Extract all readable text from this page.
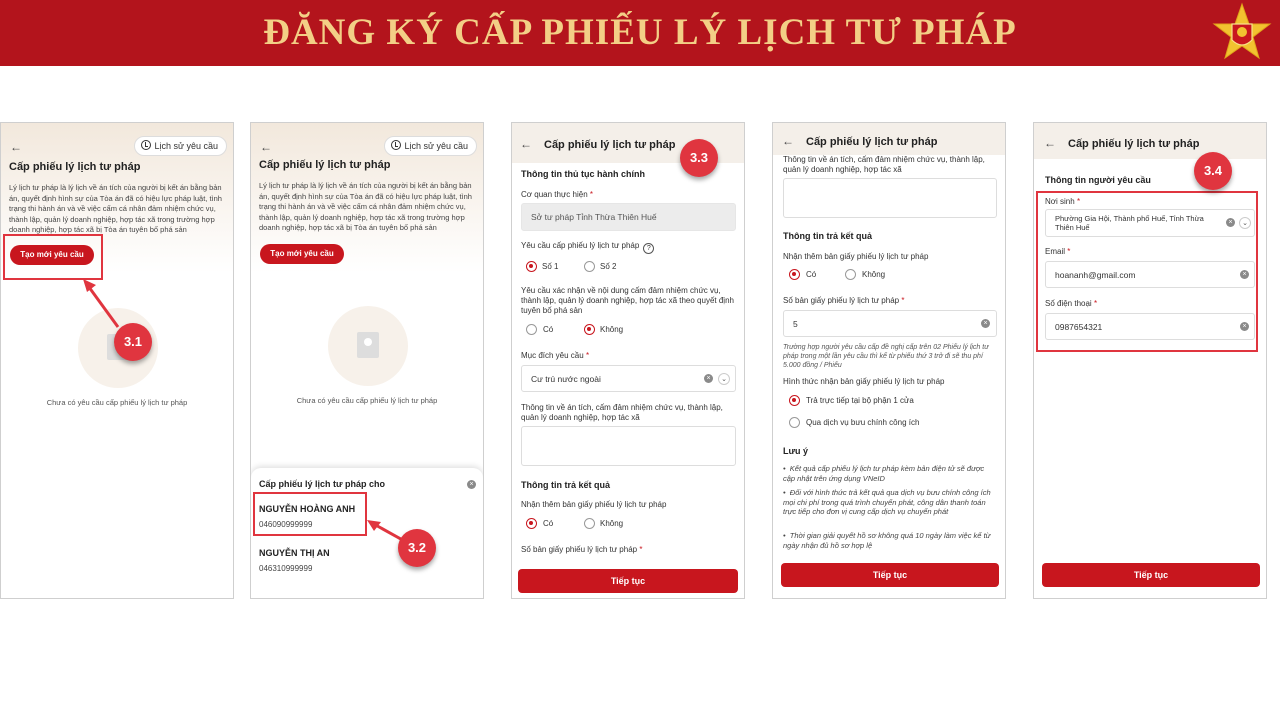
ĐĂNG KÝ CẤP PHIẾU LÝ LỊCH TƯ PHÁP
←	Lịch sử yêu cầu
Cấp phiếu lý lịch tư pháp
Lý lịch tư pháp là lý lịch về án tích của người bị kết án bằng bản án, quyết định hình sự của Tòa án đã có hiệu lực pháp luật, tình trạng thi hành án và về việc cấm cá nhân đảm nhiệm chức vụ, thành lập, quản lý doanh nghiệp, hợp tác xã trong trường hợp doanh nghiệp, hợp tác xã bị Tòa án tuyên bố phá sản
Tạo mới yêu cầu
Chưa có yêu cầu cấp phiếu lý lịch tư pháp
3.1
←	Lịch sử yêu cầu
Cấp phiếu lý lịch tư pháp
Lý lịch tư pháp là lý lịch về án tích của người bị kết án bằng bản án, quyết định hình sự của Tòa án đã có hiệu lực pháp luật, tình trạng thi hành án và về việc cấm cá nhân đảm nhiệm chức vụ, thành lập, quản lý doanh nghiệp, hợp tác xã trong trường hợp doanh nghiệp, hợp tác xã bị Tòa án tuyên bố phá sản
Tạo mới yêu cầu
Chưa có yêu cầu cấp phiếu lý lịch tư pháp
Cấp phiếu lý lịch tư pháp cho	×
NGUYỄN HOÀNG ANH
046090999999
NGUYỄN THỊ AN
046310999999
3.2
← Cấp phiếu lý lịch tư pháp
Thông tin thủ tục hành chính
Cơ quan thực hiện *
Sở tư pháp Tỉnh Thừa Thiên Huế
Yêu cầu cấp phiếu lý lịch tư pháp ?
Số 1	Số 2
Yêu cầu xác nhận về nội dung cấm đảm nhiệm chức vụ, thành lập, quản lý doanh nghiệp, hợp tác xã theo quyết định tuyên bố phá sản
Có	Không
Mục đích yêu cầu *
Cư trú nước ngoài	×	⌄
Thông tin về án tích, cấm đảm nhiệm chức vụ, thành lập, quản lý doanh nghiệp, hợp tác xã
Thông tin trả kết quả
Nhận thêm bản giấy phiếu lý lịch tư pháp
Có	Không
Số bản giấy phiếu lý lịch tư pháp *
Tiếp tục
3.3
← Cấp phiếu lý lịch tư pháp
Thông tin về án tích, cấm đảm nhiệm chức vụ, thành lập, quản lý doanh nghiệp, hợp tác xã
Thông tin trả kết quả
Nhận thêm bản giấy phiếu lý lịch tư pháp
Có	Không
Số bản giấy phiếu lý lịch tư pháp *
5	×
Trường hợp người yêu cầu cấp đề nghị cấp trên 02 Phiếu lý lịch tư pháp trong một lần yêu cầu thì kể từ phiếu thứ 3 trở đi sẽ thu phí 5.000 đồng / Phiếu
Hình thức nhận bản giấy phiếu lý lịch tư pháp
Trả trực tiếp tại bộ phận 1 cửa
Qua dịch vụ bưu chính công ích
Lưu ý
•  Kết quả cấp phiếu lý lịch tư pháp kèm bản điện tử sẽ được cập nhật trên ứng dụng VNeID
•  Đối với hình thức trả kết quả qua dịch vụ bưu chính công ích mọi chi phí trong quá trình chuyển phát, công dân thanh toán trực tiếp cho đơn vị cung cấp dịch vụ chuyển phát
•  Thời gian giải quyết hồ sơ không quá 10 ngày làm việc kể từ ngày nhận đủ hồ sơ hợp lệ
Tiếp tục
← Cấp phiếu lý lịch tư pháp
Thông tin người yêu cầu
Nơi sinh *
Phường Gia Hội, Thành phố Huế, Tỉnh Thừa Thiên Huế
×	⌄
Email *
hoananh@gmail.com	×
Số điện thoại *
0987654321	×
Tiếp tục
3.4
